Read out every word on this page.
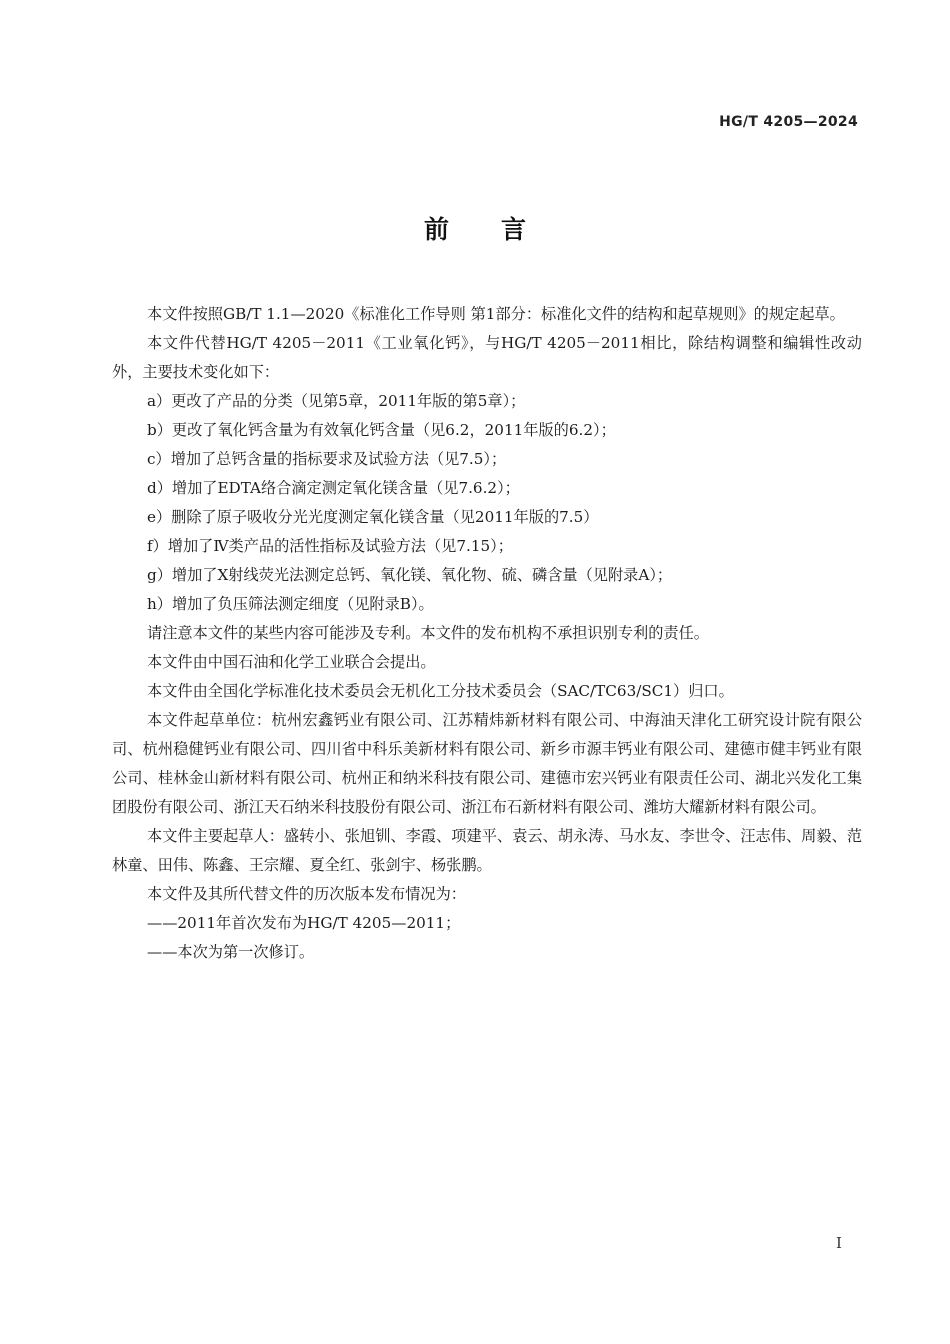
HG/T 4205—2024
前言

本文件按照GB/T 1.1—2020《标准化工作导则 第1部分：标准化文件的结构和起草规则》的规定起草。

本文件代替HG/T 4205－2011《工业氧化钙》，与HG/T 4205－2011相比，除结构调整和编辑性改动外，主要技术变化如下：

a）更改了产品的分类（见第5章，2011年版的第5章）；

b）更改了氧化钙含量为有效氧化钙含量（见6.2，2011年版的6.2）；

c）增加了总钙含量的指标要求及试验方法（见7.5）；

d）增加了EDTA络合滴定测定氧化镁含量（见7.6.2）；

e）删除了原子吸收分光光度测定氧化镁含量（见2011年版的7.5）

f）增加了Ⅳ类产品的活性指标及试验方法（见7.15）；

g）增加了X射线荧光法测定总钙、氧化镁、氧化物、硫、磷含量（见附录A）；

h）增加了负压筛法测定细度（见附录B）。

请注意本文件的某些内容可能涉及专利。本文件的发布机构不承担识别专利的责任。

本文件由中国石油和化学工业联合会提出。

本文件由全国化学标准化技术委员会无机化工分技术委员会（SAC/TC63/SC1）归口。

本文件起草单位：杭州宏鑫钙业有限公司、江苏精炜新材料有限公司、中海油天津化工研究设计院有限公司、杭州稳健钙业有限公司、四川省中科乐美新材料有限公司、新乡市源丰钙业有限公司、建德市健丰钙业有限公司、桂林金山新材料有限公司、杭州正和纳米科技有限公司、建德市宏兴钙业有限责任公司、湖北兴发化工集团股份有限公司、浙江天石纳米科技股份有限公司、浙江布石新材料有限公司、潍坊大耀新材料有限公司。

本文件主要起草人：盛转小、张旭钏、李霞、项建平、袁云、胡永涛、马水友、李世令、汪志伟、周毅、范林童、田伟、陈鑫、王宗耀、夏全红、张剑宇、杨张鹏。

本文件及其所代替文件的历次版本发布情况为：

——2011年首次发布为HG/T 4205—2011；

——本次为第一次修订。

I
